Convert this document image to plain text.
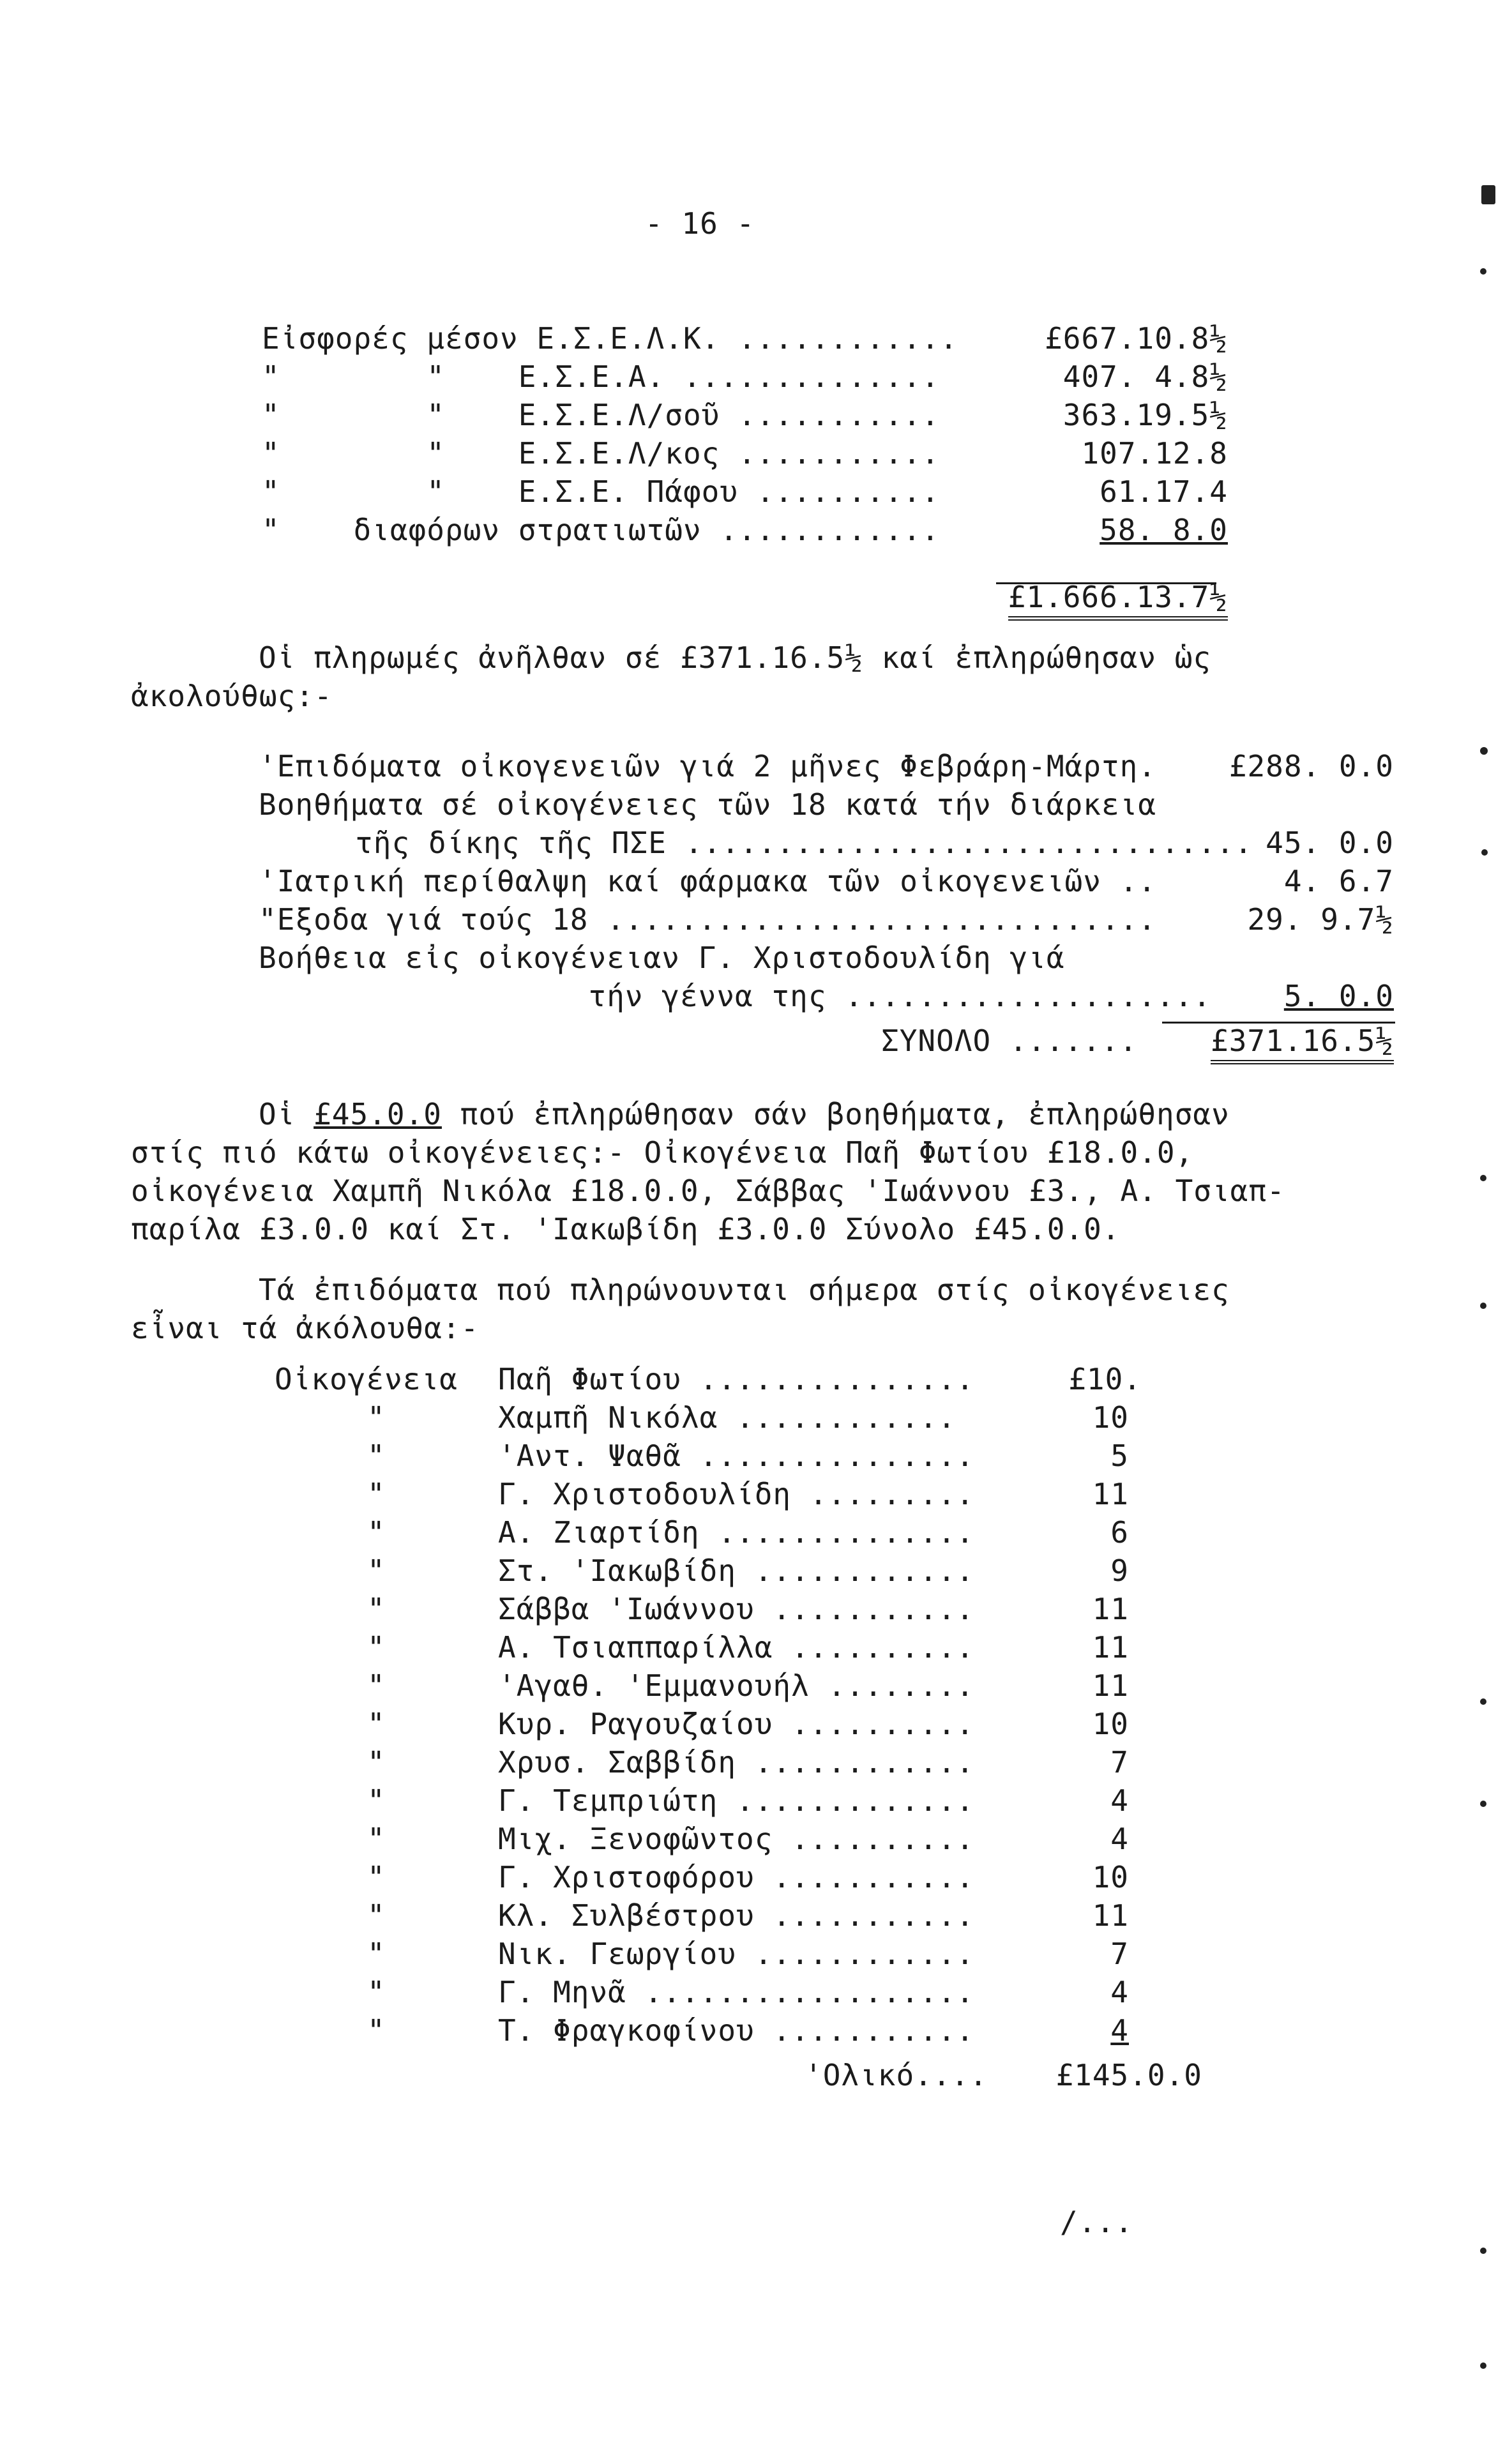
- 16 -
Εἰσφορές μέσον Ε.Σ.Ε.Λ.Κ. ............ £667.10.8½
"        "    Ε.Σ.Ε.Α. ..............	407. 4.8½
"        "    Ε.Σ.Ε.Λ/σοῦ ...........	363.19.5½
"        "    Ε.Σ.Ε.Λ/κος ...........	107.12.8
"        "    Ε.Σ.Ε. Πάφου ..........	61.17.4
"    διαφόρων στρατιωτῶν ............	58. 8.0
£1.666.13.7½
Οἱ πληρωμές ἀνῆλθαν σέ £371.16.5½ καί ἐπληρώθησαν ὡς
ἀκολούθως:-
'Επιδόματα οἰκογενειῶν γιά 2 μῆνες Φεβράρη-Μάρτη. £288. 0.0
Βοηθήματα σέ οἰκογένειες τῶν 18 κατά τήν διάρκεια
τῆς δίκης τῆς ΠΣΕ ............................... 45. 0.0
'Ιατρική περίθαλψη καί φάρμακα τῶν οἰκογενειῶν ..	4. 6.7
"Εξοδα γιά τούς 18 ..............................	29. 9.7½
Βοήθεια εἰς οἰκογένειαν Γ. Χριστοδουλίδη γιά
τήν γέννα της .................... 5. 0.0
ΣΥΝΟΛΟ ....... £371.16.5½
Οἱ £45.0.0 πού ἐπληρώθησαν σάν βοηθήματα, ἐπληρώθησαν
στίς πιό κάτω οἰκογένειες:- Οἰκογένεια Παῆ Φωτίου £18.0.0,
οἰκογένεια Χαμπῆ Νικόλα £18.0.0, Σάββας 'Ιωάννου £3., Α. Τσιαπ-
παρίλα £3.0.0 καί Στ. 'Ιακωβίδη £3.0.0 Σύνολο £45.0.0.
Τά ἐπιδόματα πού πληρώνουνται σήμερα στίς οἰκογένειες
εἶναι τά ἀκόλουθα:-
Οἰκογένεια Παῆ Φωτίου ...............	£10.
"	Χαμπῆ Νικόλα ............	10
"	'Αντ. Ψαθᾶ ...............	5
"	Γ. Χριστοδουλίδη .........	11
"	Α. Ζιαρτίδη ..............	6
"	Στ. 'Ιακωβίδη ............	9
"	Σάββα 'Ιωάννου ...........	11
"	Α. Τσιαππαρίλλα ..........	11
"	'Αγαθ. 'Εμμανουήλ ........	11
"	Κυρ. Ραγουζαίου ..........	10
"	Χρυσ. Σαββίδη ............	7
"	Γ. Τεμπριώτη .............	4
"	Μιχ. Ξενοφῶντος ..........	4
"	Γ. Χριστοφόρου ...........	10
"	Κλ. Συλβέστρου ...........	11
"	Νικ. Γεωργίου ............	7
"	Γ. Μηνᾶ ..................	4
"	Τ. Φραγκοφίνου ...........	4
'Ολικό.... £145.0.0
/...
